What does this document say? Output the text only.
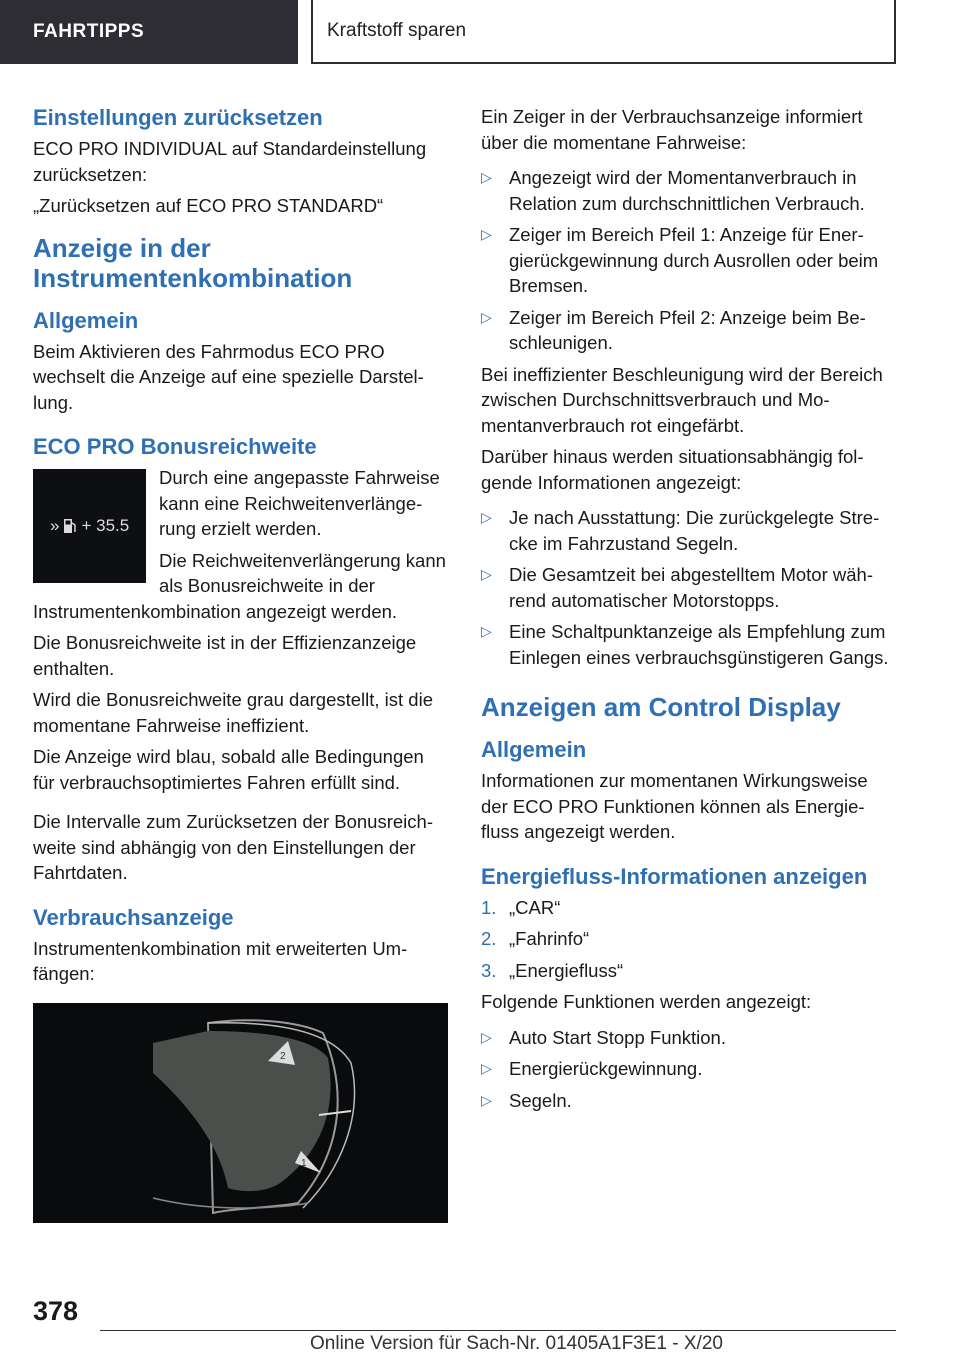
FAHRTIPPS	Kraftstoff sparen
Einstellungen zurücksetzen

ECO PRO INDIVIDUAL auf Standardeinstellung zurücksetzen:

„Zurücksetzen auf ECO PRO STANDARD“

Anzeige in der Instrumentenkombination
Allgemein

Beim Aktivieren des Fahrmodus ECO PRO wechselt die Anzeige auf eine spezielle Darstellung.

ECO PRO Bonusreichweite
» + 35.5

Durch eine angepasste Fahrweise kann eine Reichweitenverlängerung erzielt werden.

Die Reichweitenverlängerung kann als Bonusreichweite in der Instrumentenkombination angezeigt werden.

Die Bonusreichweite ist in der Effizienzanzeige enthalten.

Wird die Bonusreichweite grau dargestellt, ist die momentane Fahrweise ineffizient.

Die Anzeige wird blau, sobald alle Bedingungen für verbrauchsoptimiertes Fahren erfüllt sind.

Die Intervalle zum Zurücksetzen der Bonusreichweite sind abhängig von den Einstellungen der Fahrtdaten.

Verbrauchsanzeige

Instrumentenkombination mit erweiterten Umfängen:

2
1

Ein Zeiger in der Verbrauchsanzeige informiert über die momentane Fahrweise:

▷ Angezeigt wird der Momentanverbrauch in Relation zum durchschnittlichen Verbrauch.
▷ Zeiger im Bereich Pfeil 1: Anzeige für Energierückgewinnung durch Ausrollen oder beim Bremsen.
▷ Zeiger im Bereich Pfeil 2: Anzeige beim Beschleunigen.

Bei ineffizienter Beschleunigung wird der Bereich zwischen Durchschnittsverbrauch und Momentanverbrauch rot eingefärbt.

Darüber hinaus werden situationsabhängig folgende Informationen angezeigt:

▷ Je nach Ausstattung: Die zurückgelegte Strecke im Fahrzustand Segeln.
▷ Die Gesamtzeit bei abgestelltem Motor während automatischer Motorstopps.
▷ Eine Schaltpunktanzeige als Empfehlung zum Einlegen eines verbrauchsgünstigeren Gangs.
Anzeigen am Control Display
Allgemein

Informationen zur momentanen Wirkungsweise der ECO PRO Funktionen können als Energiefluss angezeigt werden.

Energiefluss-Informationen anzeigen
1. „CAR“
2. „Fahrinfo“
3. „Energiefluss“

Folgende Funktionen werden angezeigt:

▷ Auto Start Stopp Funktion.
▷ Energierückgewinnung.
▷ Segeln.
378
Online Version für Sach-Nr. 01405A1F3E1 - X/20
